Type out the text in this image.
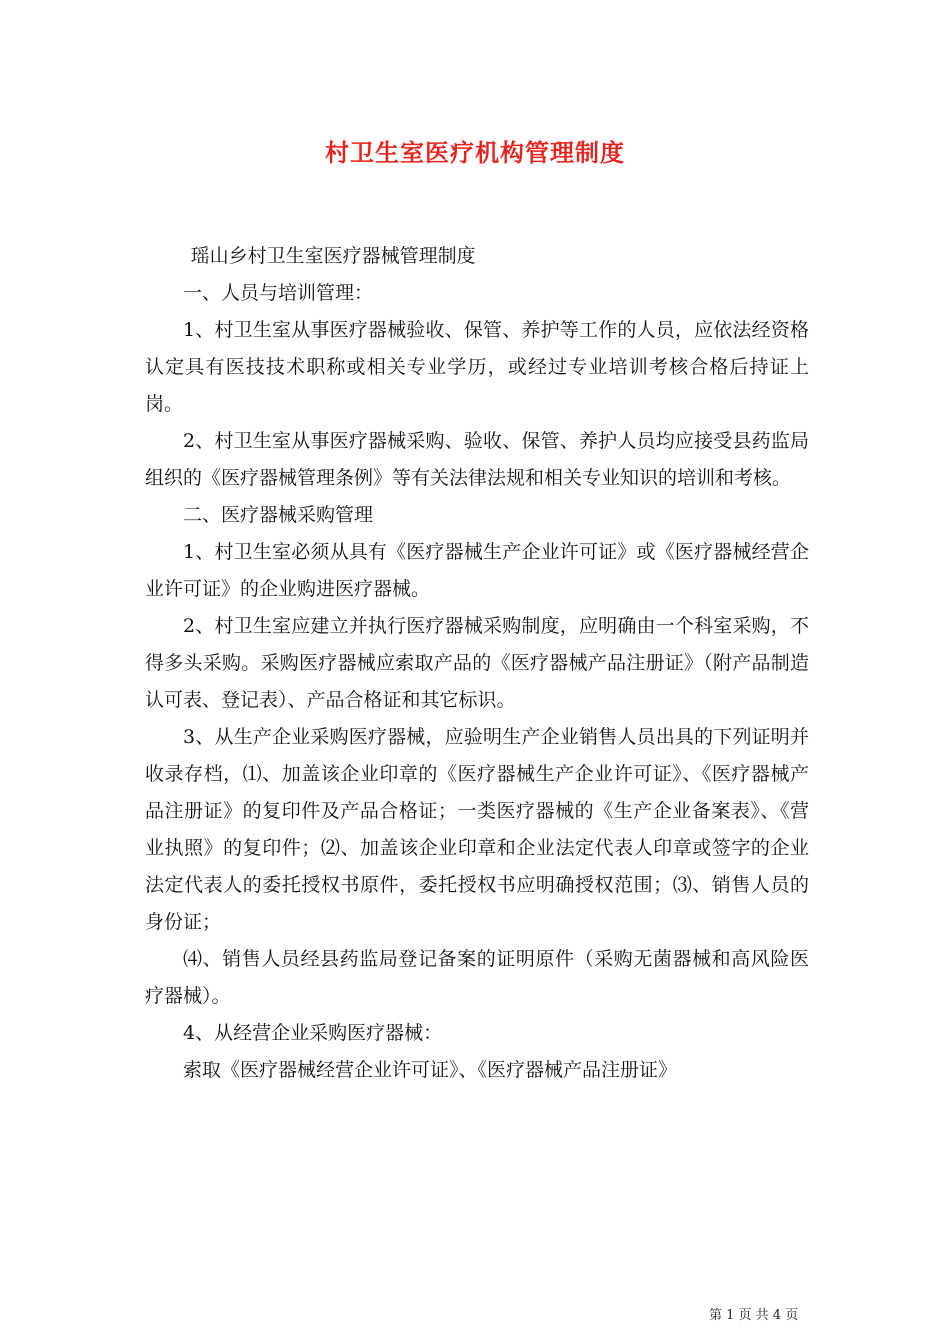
村卫生室医疗机构管理制度

瑶山乡村卫生室医疗器械管理制度

一、人员与培训管理：

1、村卫生室从事医疗器械验收、保管、养护等工作的人员，应依法经资格认定具有医技技术职称或相关专业学历，或经过专业培训考核合格后持证上岗。

2、村卫生室从事医疗器械采购、验收、保管、养护人员均应接受县药监局组织的《医疗器械管理条例》等有关法律法规和相关专业知识的培训和考核。

二、医疗器械采购管理

1、村卫生室必须从具有《医疗器械生产企业许可证》或《医疗器械经营企业许可证》的企业购进医疗器械。

2、村卫生室应建立并执行医疗器械采购制度，应明确由一个科室采购，不得多头采购。采购医疗器械应索取产品的《医疗器械产品注册证》（附产品制造认可表、登记表）、产品合格证和其它标识。

3、从生产企业采购医疗器械，应验明生产企业销售人员出具的下列证明并收录存档，⑴、加盖该企业印章的《医疗器械生产企业许可证》、《医疗器械产品注册证》的复印件及产品合格证；一类医疗器械的《生产企业备案表》、《营业执照》的复印件；⑵、加盖该企业印章和企业法定代表人印章或签字的企业法定代表人的委托授权书原件，委托授权书应明确授权范围；⑶、销售人员的身份证；

⑷、销售人员经县药监局登记备案的证明原件（采购无菌器械和高风险医疗器械）。

4、从经营企业采购医疗器械：

索取《医疗器械经营企业许可证》、《医疗器械产品注册证》

第 1 页 共 4 页
